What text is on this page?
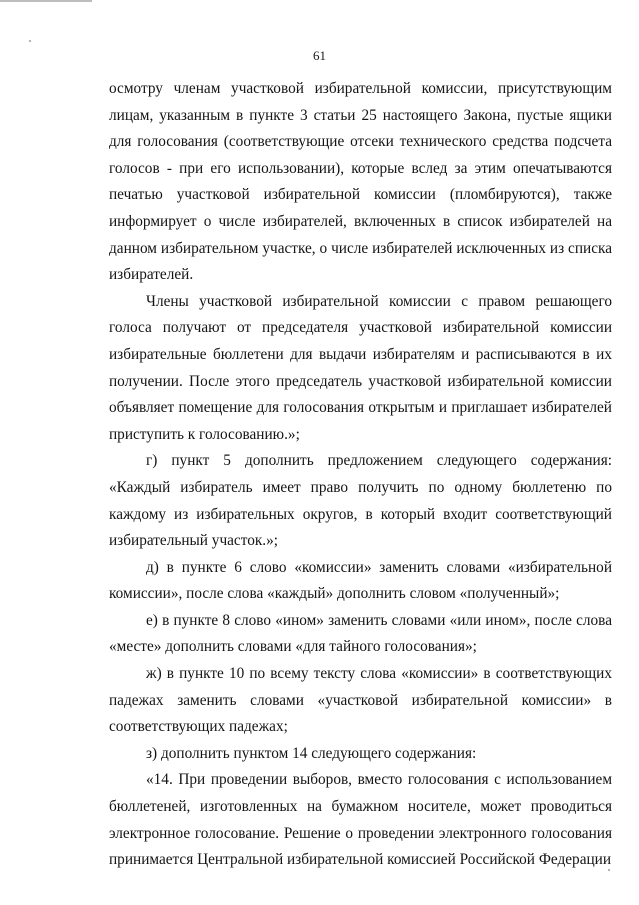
61

осмотру членам участковой избирательной комиссии, присутствующим лицам, указанным в пункте 3 статьи 25 настоящего Закона, пустые ящики для голосования (соответствующие отсеки технического средства подсчета голосов - при его использовании), которые вслед за этим опечатываются печатью участковой избирательной комиссии (пломбируются), также информирует о числе избирателей, включенных в список избирателей на данном избирательном участке, о числе избирателей исключенных из списка избирателей.

Члены участковой избирательной комиссии с правом решающего голоса получают от председателя участковой избирательной комиссии избирательные бюллетени для выдачи избирателям и расписываются в их получении. После этого председатель участковой избирательной комиссии объявляет помещение для голосования открытым и приглашает избирателей приступить к голосованию.»;

г) пункт 5 дополнить предложением следующего содержания: «Каждый избиратель имеет право получить по одному бюллетеню по каждому из избирательных округов, в который входит соответствующий избирательный участок.»;

д) в пункте 6 слово «комиссии» заменить словами «избирательной комиссии», после слова «каждый» дополнить словом «полученный»;

е) в пункте 8 слово «ином» заменить словами «или ином», после слова «месте» дополнить словами «для тайного голосования»;

ж) в пункте 10 по всему тексту слова «комиссии» в соответствующих падежах заменить словами «участковой избирательной комиссии» в соответствующих падежах;

з) дополнить пунктом 14 следующего содержания:

«14. При проведении выборов, вместо голосования с использованием бюллетеней, изготовленных на бумажном носителе, может проводиться электронное голосование. Решение о проведении электронного голосования принимается Центральной избирательной комиссией Российской Федерации
